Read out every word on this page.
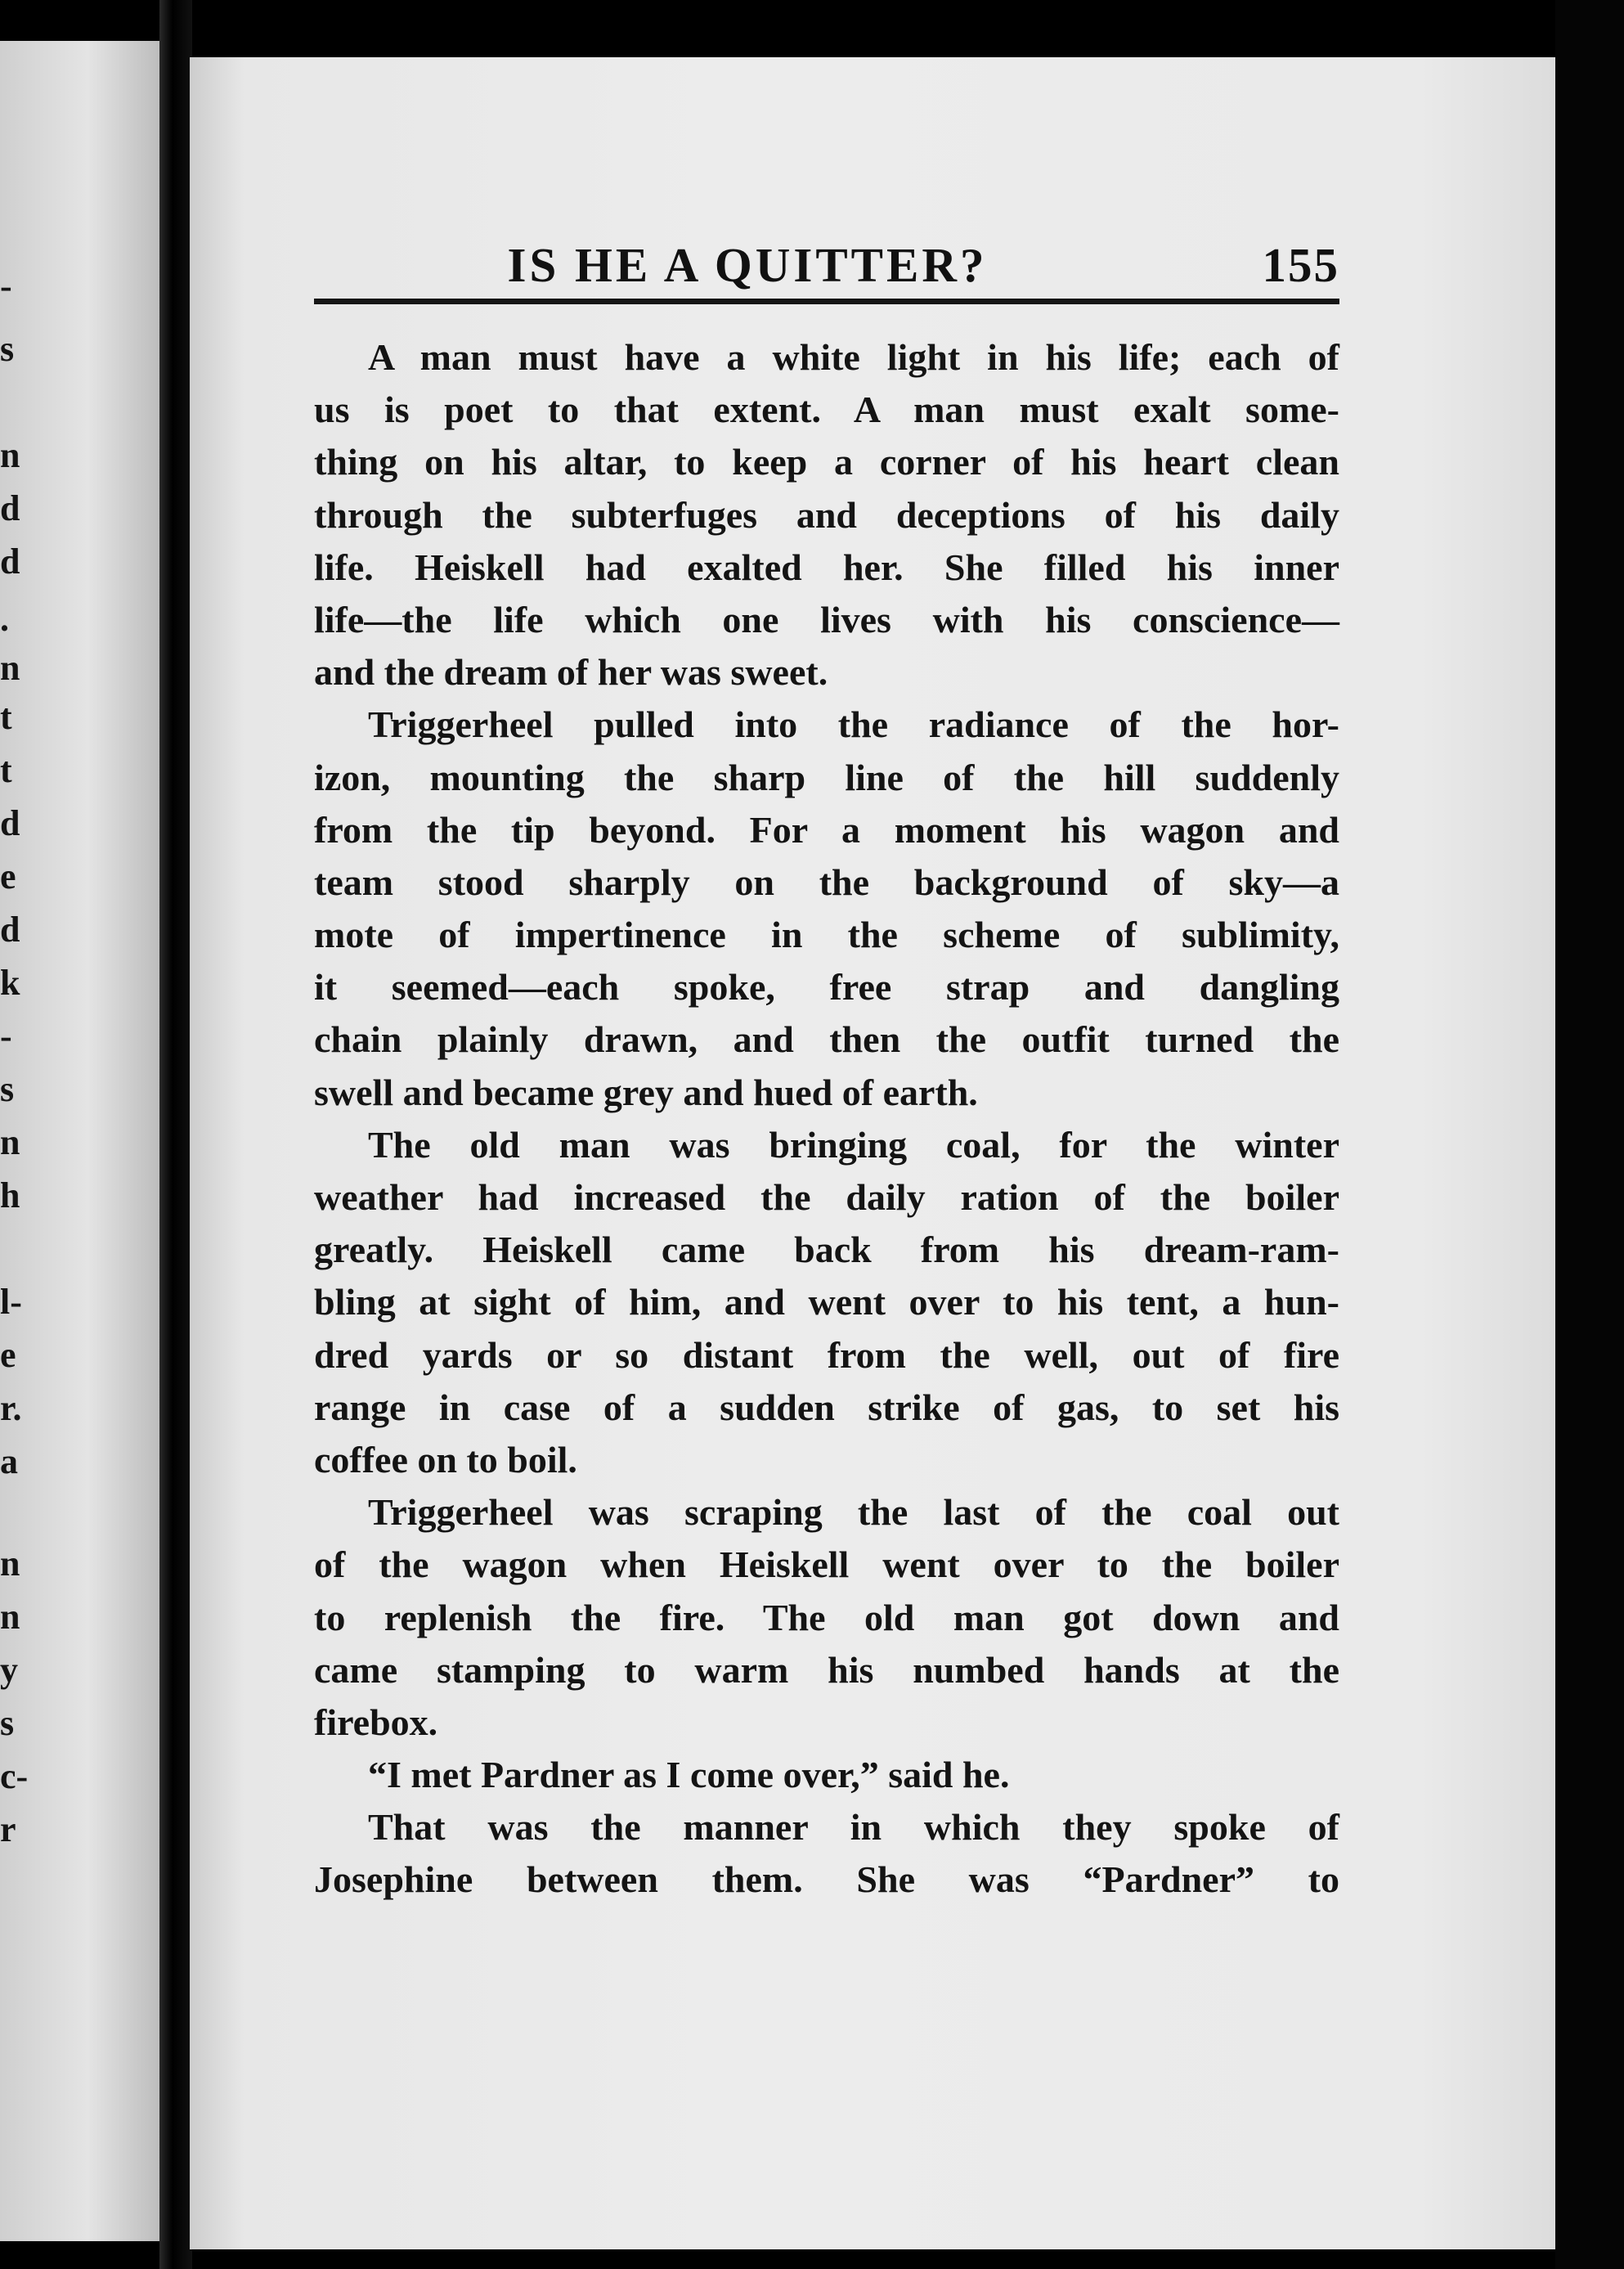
-
s
n
d
d
.
n
t
t
d
e
d
k
-
s
n
h
l-
e
r.
a
n
n
y
s
c-
r
IS HE A QUITTER?	155
A man must have a white light in his life; each of
us is poet to that extent. A man must exalt some-
thing on his altar, to keep a corner of his heart clean
through the subterfuges and deceptions of his daily
life. Heiskell had exalted her. She filled his inner
life—the life which one lives with his conscience—
and the dream of her was sweet.
Triggerheel pulled into the radiance of the hor-
izon, mounting the sharp line of the hill suddenly
from the tip beyond. For a moment his wagon and
team stood sharply on the background of sky—a
mote of impertinence in the scheme of sublimity,
it seemed—each spoke, free strap and dangling
chain plainly drawn, and then the outfit turned the
swell and became grey and hued of earth.
The old man was bringing coal, for the winter
weather had increased the daily ration of the boiler
greatly. Heiskell came back from his dream-ram-
bling at sight of him, and went over to his tent, a hun-
dred yards or so distant from the well, out of fire
range in case of a sudden strike of gas, to set his
coffee on to boil.
Triggerheel was scraping the last of the coal out
of the wagon when Heiskell went over to the boiler
to replenish the fire. The old man got down and
came stamping to warm his numbed hands at the
firebox.
“I met Pardner as I come over,” said he.
That was the manner in which they spoke of
Josephine between them. She was “Pardner” to
